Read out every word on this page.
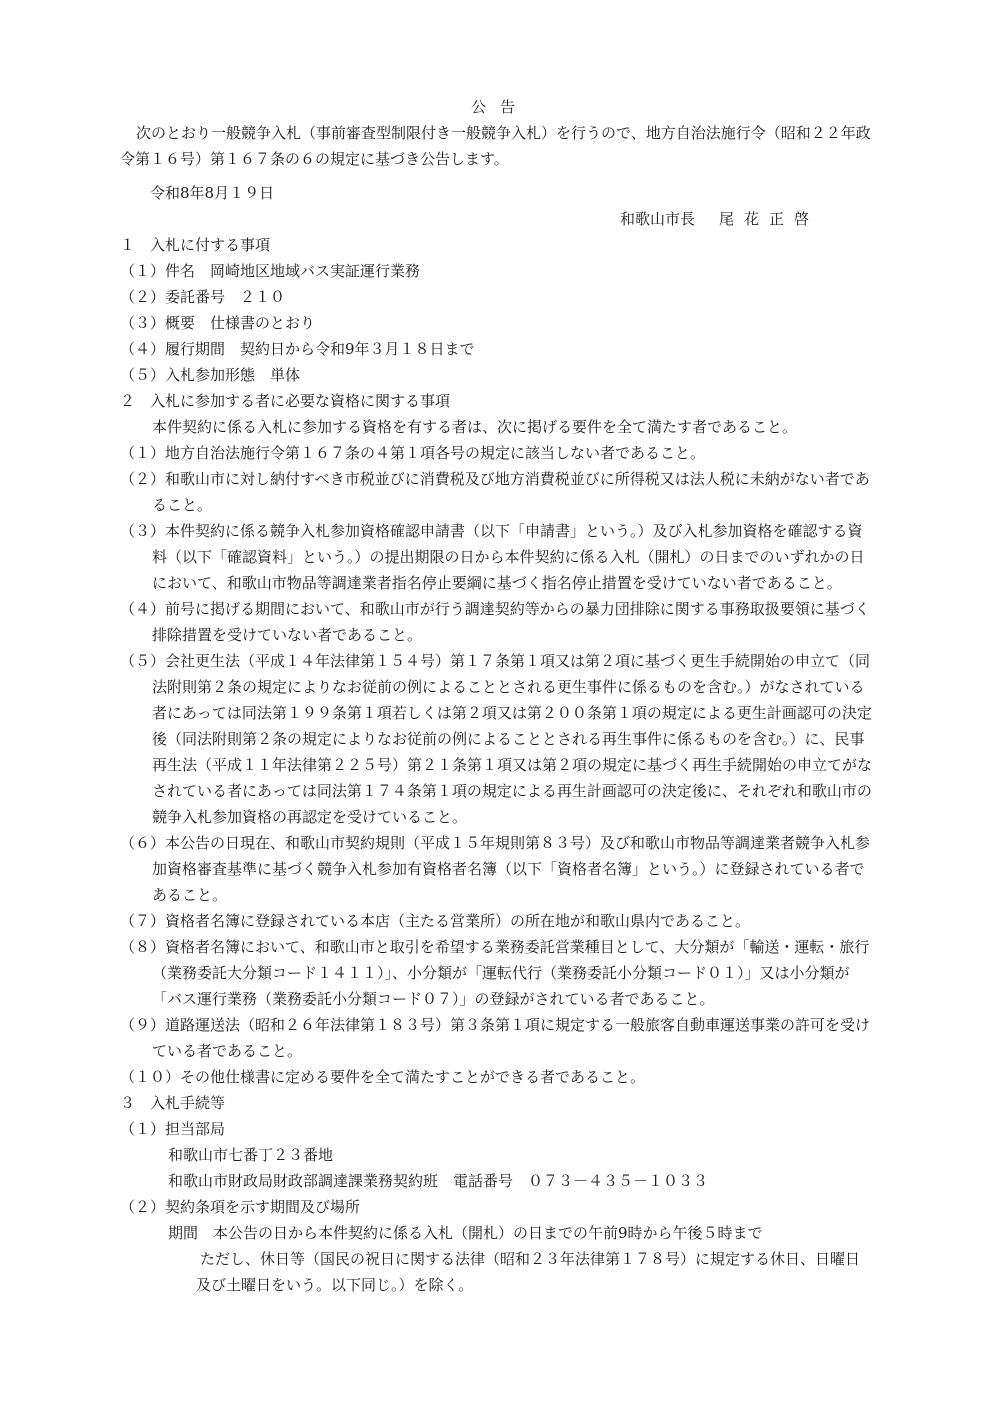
公告
次のとおり一般競争入札（事前審査型制限付き一般競争入札）を行うので、地方自治法施行令（昭和２２年政
令第１６号）第１６７条の６の規定に基づき公告します。
令和8年8月１９日
和歌山市長 尾花正啓
１　入札に付する事項
（１）件名　岡崎地区地域バス実証運行業務
（２）委託番号　２１０
（３）概要　仕様書のとおり
（４）履行期間　契約日から令和9年３月１８日まで
（５）入札参加形態　単体
２　入札に参加する者に必要な資格に関する事項
本件契約に係る入札に参加する資格を有する者は、次に掲げる要件を全て満たす者であること。
（１）地方自治法施行令第１６７条の４第１項各号の規定に該当しない者であること。
（２）和歌山市に対し納付すべき市税並びに消費税及び地方消費税並びに所得税又は法人税に未納がない者であ
ること。
（３）本件契約に係る競争入札参加資格確認申請書（以下「申請書」という。）及び入札参加資格を確認する資
料（以下「確認資料」という。）の提出期限の日から本件契約に係る入札（開札）の日までのいずれかの日
において、和歌山市物品等調達業者指名停止要綱に基づく指名停止措置を受けていない者であること。
（４）前号に掲げる期間において、和歌山市が行う調達契約等からの暴力団排除に関する事務取扱要領に基づく
排除措置を受けていない者であること。
（５）会社更生法（平成１４年法律第１５４号）第１７条第１項又は第２項に基づく更生手続開始の申立て（同
法附則第２条の規定によりなお従前の例によることとされる更生事件に係るものを含む。）がなされている
者にあっては同法第１９９条第１項若しくは第２項又は第２００条第１項の規定による更生計画認可の決定
後（同法附則第２条の規定によりなお従前の例によることとされる再生事件に係るものを含む。）に、民事
再生法（平成１１年法律第２２５号）第２１条第１項又は第２項の規定に基づく再生手続開始の申立てがな
されている者にあっては同法第１７４条第１項の規定による再生計画認可の決定後に、それぞれ和歌山市の
競争入札参加資格の再認定を受けていること。
（６）本公告の日現在、和歌山市契約規則（平成１５年規則第８３号）及び和歌山市物品等調達業者競争入札参
加資格審査基準に基づく競争入札参加有資格者名簿（以下「資格者名簿」という。）に登録されている者で
あること。
（７）資格者名簿に登録されている本店（主たる営業所）の所在地が和歌山県内であること。
（８）資格者名簿において、和歌山市と取引を希望する業務委託営業種目として、大分類が「輸送・運転・旅行
（業務委託大分類コード１４１１）」、小分類が「運転代行（業務委託小分類コード０１）」又は小分類が
「バス運行業務（業務委託小分類コード０７）」の登録がされている者であること。
（９）道路運送法（昭和２６年法律第１８３号）第３条第１項に規定する一般旅客自動車運送事業の許可を受け
ている者であること。
（１０）その他仕様書に定める要件を全て満たすことができる者であること。
３　入札手続等
（１）担当部局
和歌山市七番丁２３番地
和歌山市財政局財政部調達課業務契約班　電話番号　０７３－４３５－１０３３
（２）契約条項を示す期間及び場所
期間　本公告の日から本件契約に係る入札（開札）の日までの午前9時から午後５時まで
ただし、休日等（国民の祝日に関する法律（昭和２３年法律第１７８号）に規定する休日、日曜日
及び土曜日をいう。以下同じ。）を除く。
